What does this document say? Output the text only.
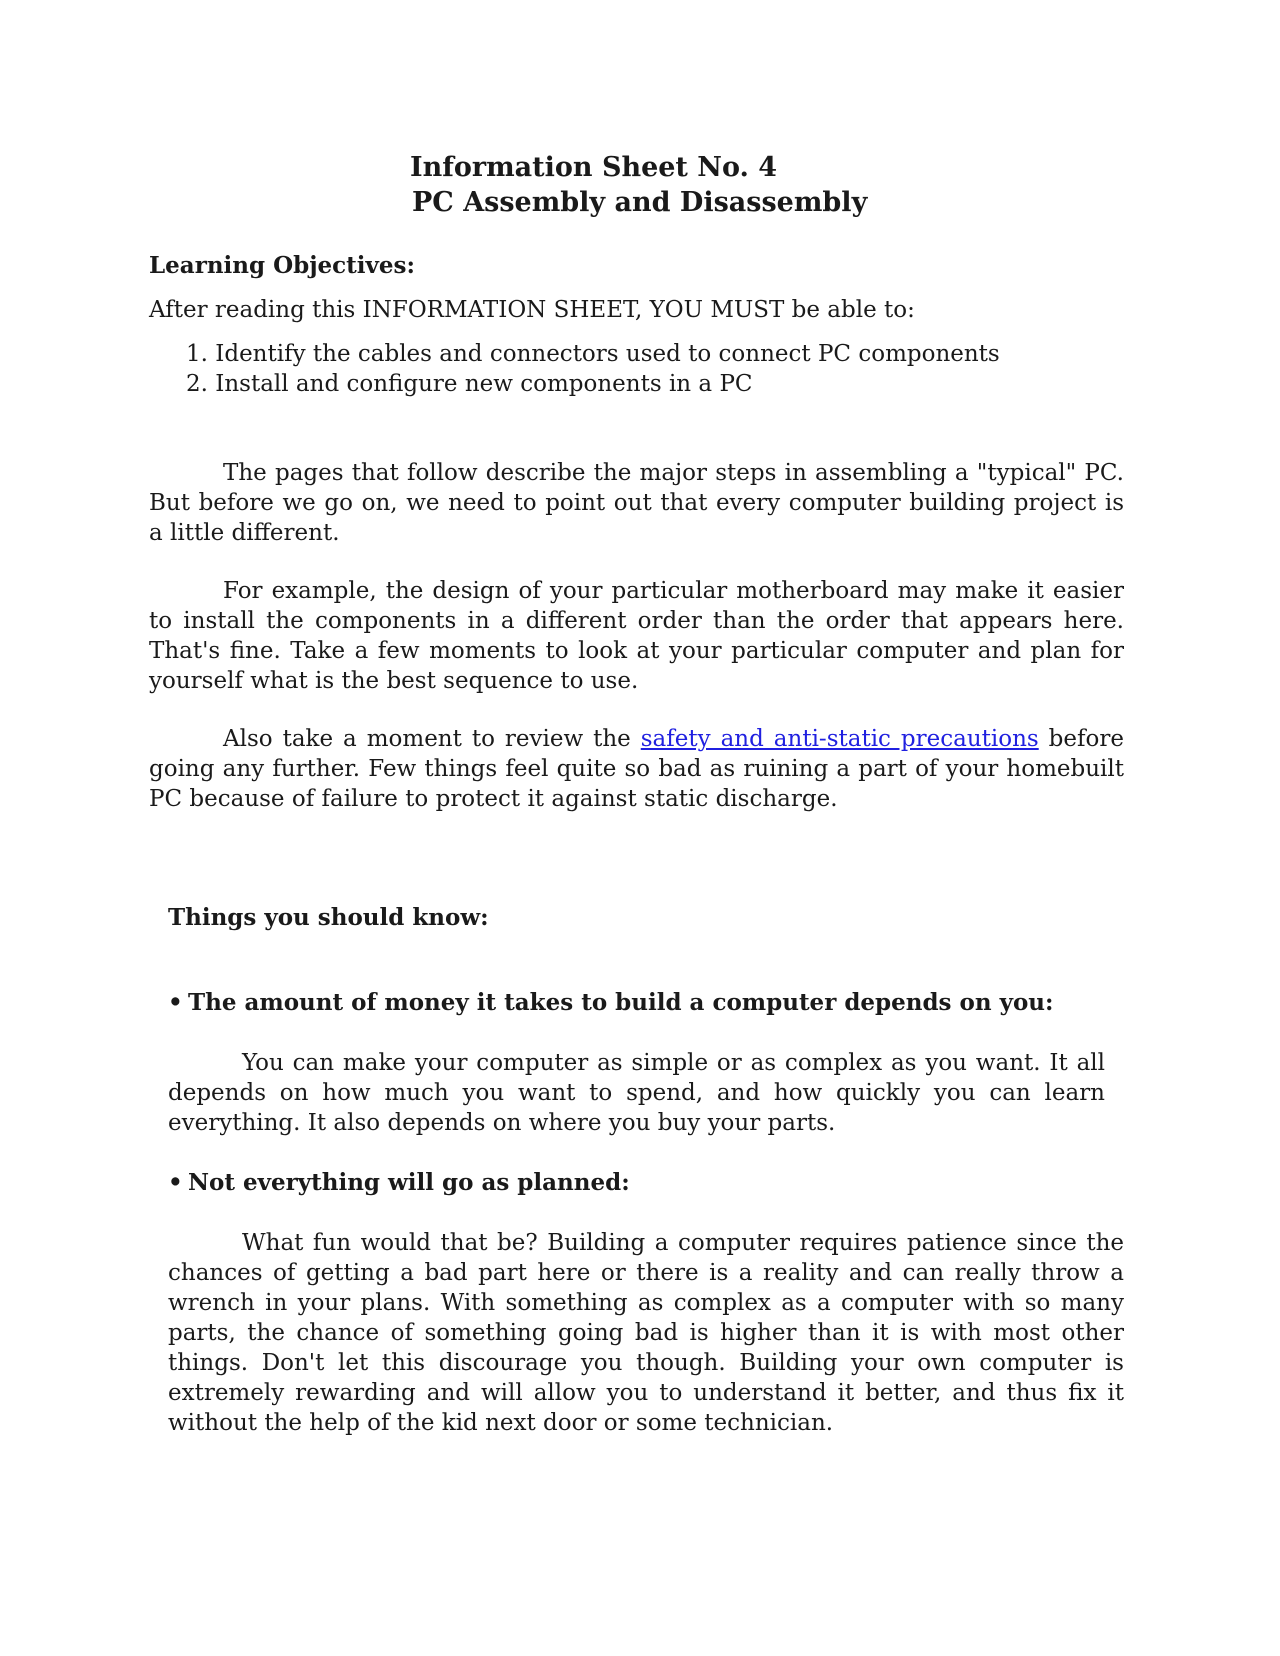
Information Sheet No. 4
PC Assembly and Disassembly
Learning Objectives:
After reading this INFORMATION SHEET, YOU MUST be able to:
1. Identify the cables and connectors used to connect PC components
2. Install and configure new components in a PC

The pages that follow describe the major steps in assembling a "typical" PC. But before we go on, we need to point out that every computer building project is a little different.

For example, the design of your particular motherboard may make it easier to install the components in a different order than the order that appears here. That's fine. Take a few moments to look at your particular computer and plan for yourself what is the best sequence to use.

Also take a moment to review the safety and anti-static precautions before going any further. Few things feel quite so bad as ruining a part of your homebuilt PC because of failure to protect it against static discharge.

Things you should know:
• The amount of money it takes to build a computer depends on you:

You can make your computer as simple or as complex as you want. It all depends on how much you want to spend, and how quickly you can learn everything. It also depends on where you buy your parts.

• Not everything will go as planned:

What fun would that be? Building a computer requires patience since the chances of getting a bad part here or there is a reality and can really throw a wrench in your plans. With something as complex as a computer with so many parts, the chance of something going bad is higher than it is with most other things. Don't let this discourage you though. Building your own computer is extremely rewarding and will allow you to understand it better, and thus fix it without the help of the kid next door or some technician.
